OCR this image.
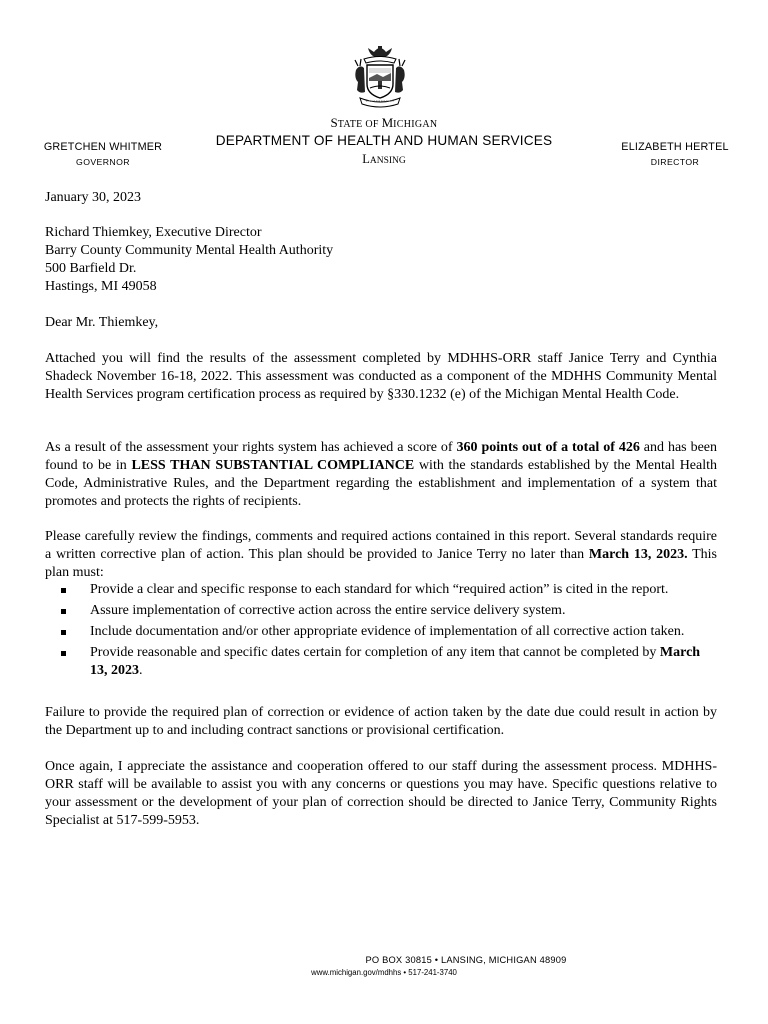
STATE OF MICHIGAN
DEPARTMENT OF HEALTH AND HUMAN SERVICES
LANSING
GRETCHEN WHITMER
GOVERNOR
ELIZABETH HERTEL
DIRECTOR

January 30, 2023

Richard Thiemkey, Executive Director
Barry County Community Mental Health Authority
500 Barfield Dr.
Hastings, MI 49058

Dear Mr. Thiemkey,

Attached you will find the results of the assessment completed by MDHHS-ORR staff Janice Terry and Cynthia Shadeck November 16-18, 2022. This assessment was conducted as a component of the MDHHS Community Mental Health Services program certification process as required by §330.1232 (e) of the Michigan Mental Health Code.

As a result of the assessment your rights system has achieved a score of 360 points out of a total of 426 and has been found to be in LESS THAN SUBSTANTIAL COMPLIANCE with the standards established by the Mental Health Code, Administrative Rules, and the Department regarding the establishment and implementation of a system that promotes and protects the rights of recipients.

Please carefully review the findings, comments and required actions contained in this report. Several standards require a written corrective plan of action. This plan should be provided to Janice Terry no later than March 13, 2023. This plan must:

Provide a clear and specific response to each standard for which “required action” is cited in the report.
Assure implementation of corrective action across the entire service delivery system.
Include documentation and/or other appropriate evidence of implementation of all corrective action taken.
Provide reasonable and specific dates certain for completion of any item that cannot be completed by March 13, 2023.

Failure to provide the required plan of correction or evidence of action taken by the date due could result in action by the Department up to and including contract sanctions or provisional certification.

Once again, I appreciate the assistance and cooperation offered to our staff during the assessment process. MDHHS-ORR staff will be available to assist you with any concerns or questions you may have. Specific questions relative to your assessment or the development of your plan of correction should be directed to Janice Terry, Community Rights Specialist at 517-599-5953.

PO BOX 30815 • LANSING, MICHIGAN 48909
www.michigan.gov/mdhhs • 517-241-3740
